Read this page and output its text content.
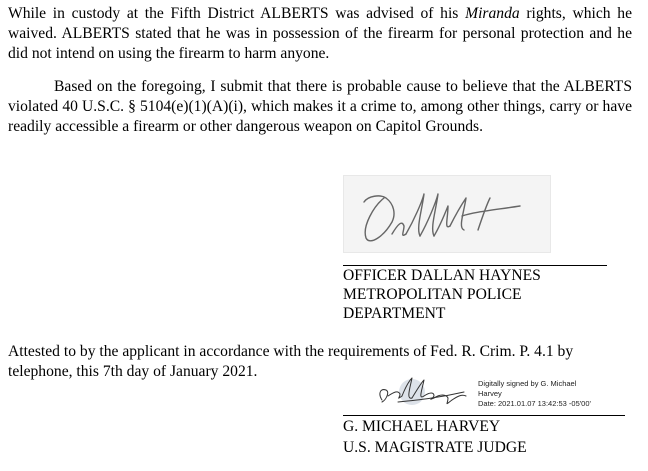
While in custody at the Fifth District ALBERTS was advised of his Miranda rights, which he waived. ALBERTS stated that he was in possession of the firearm for personal protection and he did not intend on using the firearm to harm anyone.

Based on the foregoing, I submit that there is probable cause to believe that the ALBERTS violated 40 U.S.C. § 5104(e)(1)(A)(i), which makes it a crime to, among other things, carry or have readily accessible a firearm or other dangerous weapon on Capitol Grounds.

OFFICER DALLAN HAYNES
METROPOLITAN POLICE
DEPARTMENT

Attested to by the applicant in accordance with the requirements of Fed. R. Crim. P. 4.1 by telephone, this 7th day of January 2021.

Digitally signed by G. Michael
Harvey
Date: 2021.01.07 13:42:53 -05'00'
G. MICHAEL HARVEY
U.S. MAGISTRATE JUDGE
